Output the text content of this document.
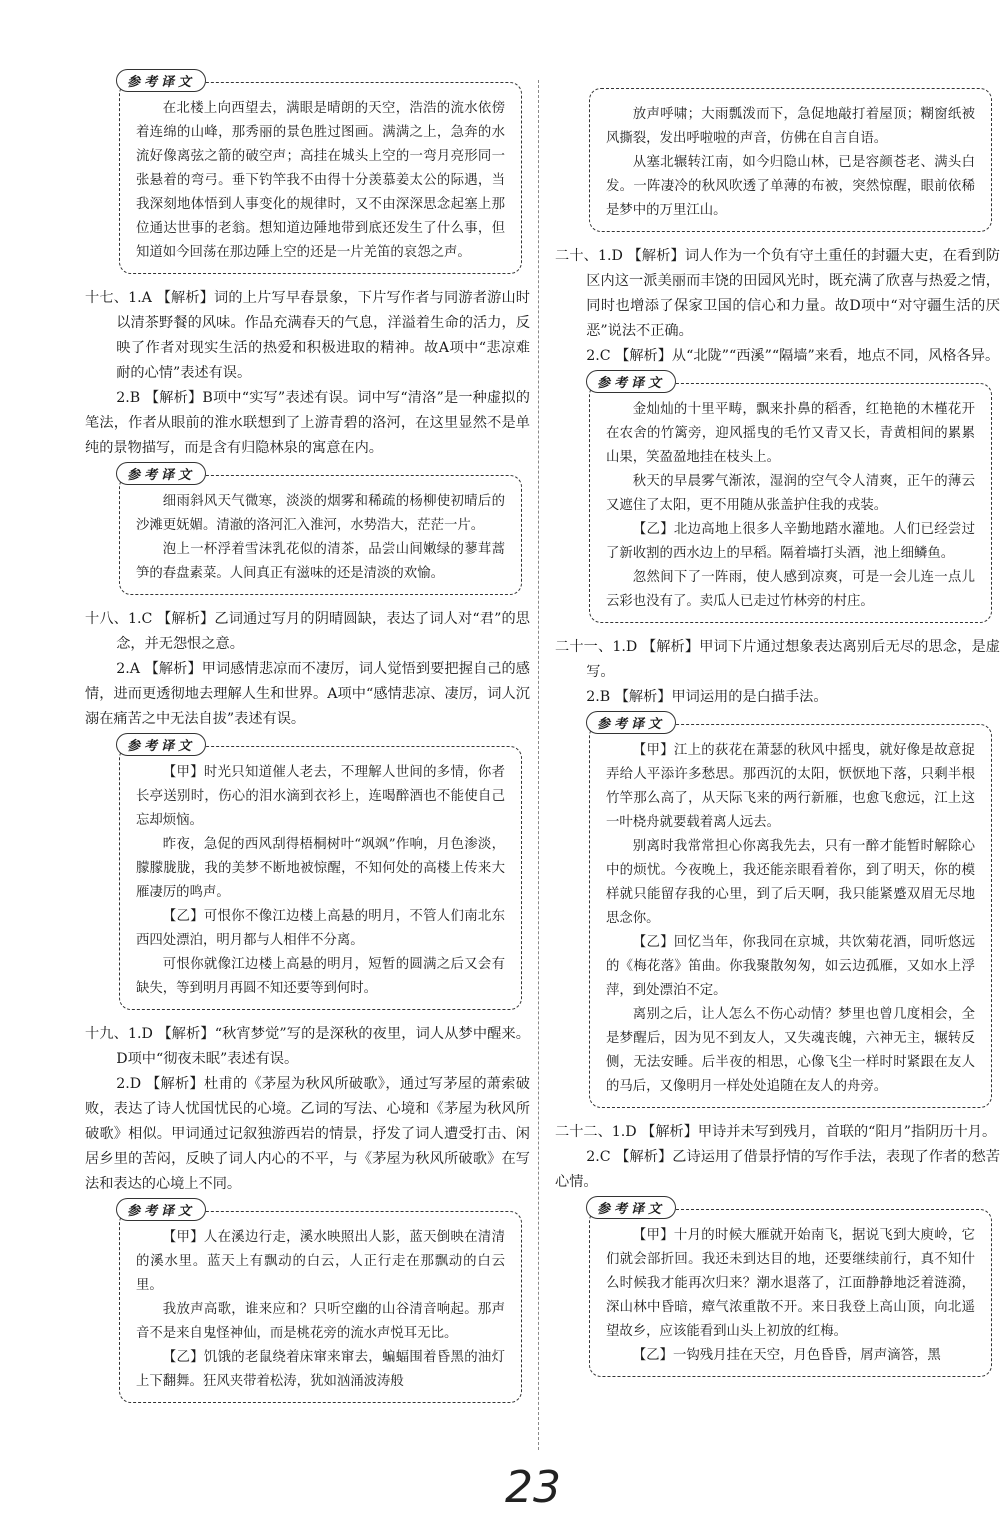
参考译文

在北楼上向西望去，满眼是晴朗的天空，浩浩的流水依傍着连绵的山峰，那秀丽的景色胜过图画。满满之上，急奔的水流好像离弦之箭的破空声；高挂在城头上空的一弯月亮形同一张悬着的弯弓。垂下钓竿我不由得十分羡慕姜太公的际遇，当我深刻地体悟到人事变化的规律时，又不由深深思念起塞上那位通达世事的老翁。想知道边陲地带到底还发生了什么事，但知道如今回荡在那边陲上空的还是一片羌笛的哀怨之声。

十七、1.A 【解析】词的上片写早春景象，下片写作者与同游者游山时以清茶野餐的风味。作品充满春天的气息，洋溢着生命的活力，反映了作者对现实生活的热爱和积极进取的精神。故A项中“悲凉难耐的心情”表述有误。

2.B 【解析】B项中“实写”表述有误。词中写“清洛”是一种虚拟的笔法，作者从眼前的淮水联想到了上游青碧的洛河，在这里显然不是单纯的景物描写，而是含有归隐林泉的寓意在内。

参考译文

细雨斜风天气微寒，淡淡的烟雾和稀疏的杨柳使初晴后的沙滩更妩媚。清澈的洛河汇入淮河，水势浩大，茫茫一片。

泡上一杯浮着雪沫乳花似的清茶，品尝山间嫩绿的蓼茸蒿笋的春盘素菜。人间真正有滋味的还是清淡的欢愉。

十八、1.C 【解析】乙词通过写月的阴晴圆缺，表达了词人对“君”的思念，并无怨恨之意。

2.A 【解析】甲词感情悲凉而不凄厉，词人觉悟到要把握自己的感情，进而更透彻地去理解人生和世界。A项中“感情悲凉、凄厉，词人沉溺在痛苦之中无法自拔”表述有误。

参考译文

【甲】时光只知道催人老去，不理解人世间的多情，你者长亭送别时，伤心的泪水滴到衣衫上，连喝醉酒也不能使自己忘却烦恼。

昨夜，急促的西风刮得梧桐树叶“飒飒”作响，月色渗淡，朦朦胧胧，我的美梦不断地被惊醒，不知何处的高楼上传来大雁凄厉的鸣声。

【乙】可恨你不像江边楼上高悬的明月，不管人们南北东西四处漂泊，明月都与人相伴不分离。

可恨你就像江边楼上高悬的明月，短暂的圆满之后又会有缺失，等到明月再圆不知还要等到何时。

十九、1.D 【解析】“秋宵梦觉”写的是深秋的夜里，词人从梦中醒来。D项中“彻夜未眠”表述有误。

2.D 【解析】杜甫的《茅屋为秋风所破歌》，通过写茅屋的萧索破败，表达了诗人忧国忧民的心境。乙词的写法、心境和《茅屋为秋风所破歌》相似。甲词通过记叙独游西岩的情景，抒发了词人遭受打击、闲居乡里的苦闷，反映了词人内心的不平，与《茅屋为秋风所破歌》在写法和表达的心境上不同。

参考译文

【甲】人在溪边行走，溪水映照出人影，蓝天倒映在清清的溪水里。蓝天上有飘动的白云，人正行走在那飘动的白云里。

我放声高歌，谁来应和？只听空幽的山谷清音响起。那声音不是来自鬼怪神仙，而是桃花旁的流水声悦耳无比。

【乙】饥饿的老鼠绕着床窜来窜去，蝙蝠围着昏黑的油灯上下翻舞。狂风夹带着松涛，犹如汹涌波涛般

放声呼啸；大雨瓢泼而下，急促地敲打着屋顶；糊窗纸被风撕裂，发出呼啦啦的声音，仿佛在自言自语。

从塞北辗转江南，如今归隐山林，已是容颜苍老、满头白发。一阵凄冷的秋风吹透了单薄的布被，突然惊醒，眼前依稀是梦中的万里江山。

二十、1.D 【解析】词人作为一个负有守土重任的封疆大吏，在看到防区内这一派美丽而丰饶的田园风光时，既充满了欣喜与热爱之情，同时也增添了保家卫国的信心和力量。故D项中“对守疆生活的厌恶”说法不正确。

2.C 【解析】从“北陇”“西溪”“隔墙”来看，地点不同，风格各异。

参考译文

金灿灿的十里平畴，飘来扑鼻的稻香，红艳艳的木槿花开在农舍的竹篱旁，迎风摇曳的毛竹又青又长，青黄相间的累累山果，笑盈盈地挂在枝头上。

秋天的早晨雾气渐浓，湿润的空气令人清爽，正午的薄云又遮住了太阳，更不用随从张盖护住我的戎装。

【乙】北边高地上很多人辛勤地踏水灌地。人们已经尝过了新收割的西水边上的早稻。隔着墙打头酒，池上细鳞鱼。

忽然间下了一阵雨，使人感到凉爽，可是一会儿连一点儿云彩也没有了。卖瓜人已走过竹林旁的村庄。

二十一、1.D 【解析】甲词下片通过想象表达离别后无尽的思念，是虚写。

2.B 【解析】甲词运用的是白描手法。

参考译文

【甲】江上的荻花在萧瑟的秋风中摇曳，就好像是故意捉弄给人平添许多愁思。那西沉的太阳，恹恹地下落，只剩半根竹竿那么高了，从天际飞来的两行新雁，也愈飞愈远，江上这一叶桡舟就要载着离人远去。

别离时我常常担心你离我先去，只有一醉才能暂时解除心中的烦忧。今夜晚上，我还能亲眼看着你，到了明天，你的模样就只能留存我的心里，到了后天啊，我只能紧蹙双眉无尽地思念你。

【乙】回忆当年，你我同在京城，共饮菊花酒，同听悠远的《梅花落》笛曲。你我聚散匆匆，如云边孤雁，又如水上浮萍，到处漂泊不定。

离别之后，让人怎么不伤心动情？梦里也曾几度相会，全是梦醒后，因为见不到友人，又失魂丧魄，六神无主，辗转反侧，无法安睡。后半夜的相思，心像飞尘一样时时紧跟在友人的马后，又像明月一样处处追随在友人的舟旁。

二十二、1.D 【解析】甲诗并未写到残月，首联的“阳月”指阴历十月。

2.C 【解析】乙诗运用了借景抒情的写作手法，表现了作者的愁苦心情。

参考译文

【甲】十月的时候大雁就开始南飞，据说飞到大庾岭，它们就会部折回。我还未到达目的地，还要继续前行，真不知什么时候我才能再次归来？潮水退落了，江面静静地泛着涟漪，深山林中昏暗，瘴气浓重散不开。来日我登上高山顶，向北遥望故乡，应该能看到山头上初放的红梅。

【乙】一钩残月挂在天空，月色昏昏，屑声滴答，黑

23
